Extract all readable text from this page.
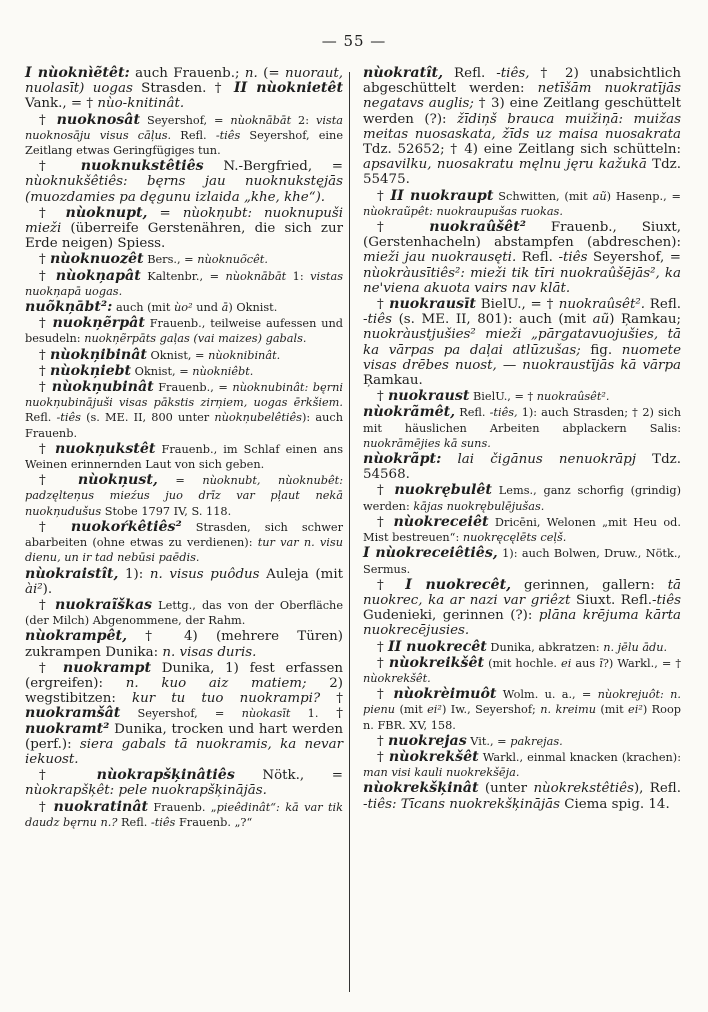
— 55 —

I nùoknìẽtêt: auch Frauenb.; n. (= nuoraut, nuolasīt) uogas Strasden. † II nùoknietêt Vank., = † nùo-knitinât.

† nuoknosât Seyershof, = nùoknābāt 2: vista nuoknosāju visus cāļus. Refl. -tiês Seyershof, eine Zeitlang etwas Geringfügiges tun.

† nuoknukstêtiês N.-Bergfried, = nùoknukšêtiês: bęrns jau nuoknukstęjās (muozdamies pa dęgunu izlaida „khe, khe“).

† nùoknupt, = nùokņubt: nuoknupuši mieži (überreife Gerstenähren, die sich zur Erde neigen) Spiess.

† nùoknuozêt Bers., = nùoknuõcêt.

† nùokņapât Kaltenbr., = nùoknābāt 1: vistas nuokņapā uogas.

nuõkņābt²: auch (mit ùo² und ā) Oknist.

† nuokņẽrpât Frauenb., teilweise aufessen und besudeln: nuokņẽrpāts gaļas (vai maizes) gabals.

† nùokņibinât Oknist, = nùoknibinât.

† nùokņiebt Oknist, = nùokniêbt.

† nùokņubinât Frauenb., = nùoknubinât: bęrni nuokņubinājuši visas pākstis zirņiem, uogas ērkšiem. Refl. -tiês (s. ME. II, 800 unter nùokņubelêtiês): auch Frauenb.

† nuokņukstêt Frauenb., im Schlaf einen ans Weinen erinnernden Laut von sich geben.

† nùokņust, = nùoknubt, nùoknubêt: padzęlteņus mieźus juo drīz var pļaut nekā nuokņudušus Stobe 1797 IV, S. 118.

† nuokoŕkêtiês² Strasden, sich schwer abarbeiten (ohne etwas zu verdienen): tur var n. visu dienu, un ir tad nebūsi paēdis.

nùokraistît, 1): n. visus puôdus Auleja (mit ài²).

† nuokraĩškas Lettg., das von der Oberfläche (der Milch) Abgenommene, der Rahm.

nùokrampêt, † 4) (mehrere Türen) zukrampen Dunika: n. visas duris.

† nuokrampt Dunika, 1) fest erfassen (ergreifen): n. kuo aiz matiem; 2) wegstibitzen: kur tu tuo nuokrampi? † nuokramšât Seyershof, = nùokasīt 1. † nuokramt² Dunika, trocken und hart werden (perf.): siera gabals tā nuokramis, ka nevar iekuost.

† nùokrapšķinâtiês Nötk., = nùokrapšķêt: pele nuokrapšķinājās.

† nuokratinât Frauenb. „pieêdinât“: kā var tik daudz bęrnu n.? Refl. -tiês Frauenb. „?“

nùokratît, Refl. -tiês, † 2) unabsichtlich abgeschüttelt werden: netīšām nuokratījās negatavs auglis; † 3) eine Zeitlang geschüttelt werden (?): žīdiņš brauca muižiņā: muižas meitas nuosaskata, žīds uz maisa nuosakrata Tdz. 52652; † 4) eine Zeitlang sich schütteln: apsavilku, nuosakratu męlnu jęru kažukā Tdz. 55475.

† II nuokraupt Schwitten, (mit aũ) Hasenp., = nùokraũpêt: nuokraupušas ruokas.

† nuokraûšêt² Frauenb., Siuxt, (Gerstenhacheln) abstampfen (abdreschen): mieži jau nuokrausęti. Refl. -tiês Seyershof, = nùokràusītiês²: mieži tik tīri nuokraûšējās², ka ne'viena akuota vairs nav klāt.

† nuokrausīt BielU., = † nuokraûsêt². Refl. -tiês (s. ME. II, 801): auch (mit aũ) Ŗamkau; nuokràustjušies² mieži „pārgatavuojušies, tā ka vārpas pa daļai atlūzušas; fig. nuomete visas drēbes nuost, — nuokraustījās kā vārpa Ŗamkau.

† nuokraust BielU., = † nuokraûsêt².

nùokrãmêt, Refl. -tiês, 1): auch Strasden; † 2) sich mit häuslichen Arbeiten abplackern Salis: nuokrāmējies kā suns.

nùokrãpt: lai čigānus nenuokrāpj Tdz. 54568.

† nuokrębulêt Lems., ganz schorfig (grindig) werden: kājas nuokrębulējušas.

† nùokreceiêt Dricēni, Welonen „mit Heu od. Mist bestreuen“: nuokręcęlēts ceļš.

I nùokreceiêtiês, 1): auch Bolwen, Druw., Nötk., Sermus.

† I nuokrecêt, gerinnen, gallern: tā nuokrec, ka ar nazi var griêzt Siuxt. Refl.-tiês Gudenieki, gerinnen (?): plāna krējuma kārta nuokrecējusies.

† II nuokrecêt Dunika, abkratzen: n. jēlu ādu.

† nùokreikšêt (mit hochle. ei aus ī?) Warkl., = † nùokrekšêt.

† nùokrèimuôt Wolm. u. a., = nùokrejuôt: n. pienu (mit ei²) Iw., Seyershof; n. kreimu (mit ei²) Roop n. FBR. XV, 158.

† nuokrejas Vit., = pakrejas.

† nùokrekšêt Warkl., einmal knacken (krachen): man visi kauli nuokrekšēja.

nùokrekšķinât (unter nùokrekstêtiês), Refl. -tiês: Tīcans nuokrekšķinājās Ciema spig. 14.
